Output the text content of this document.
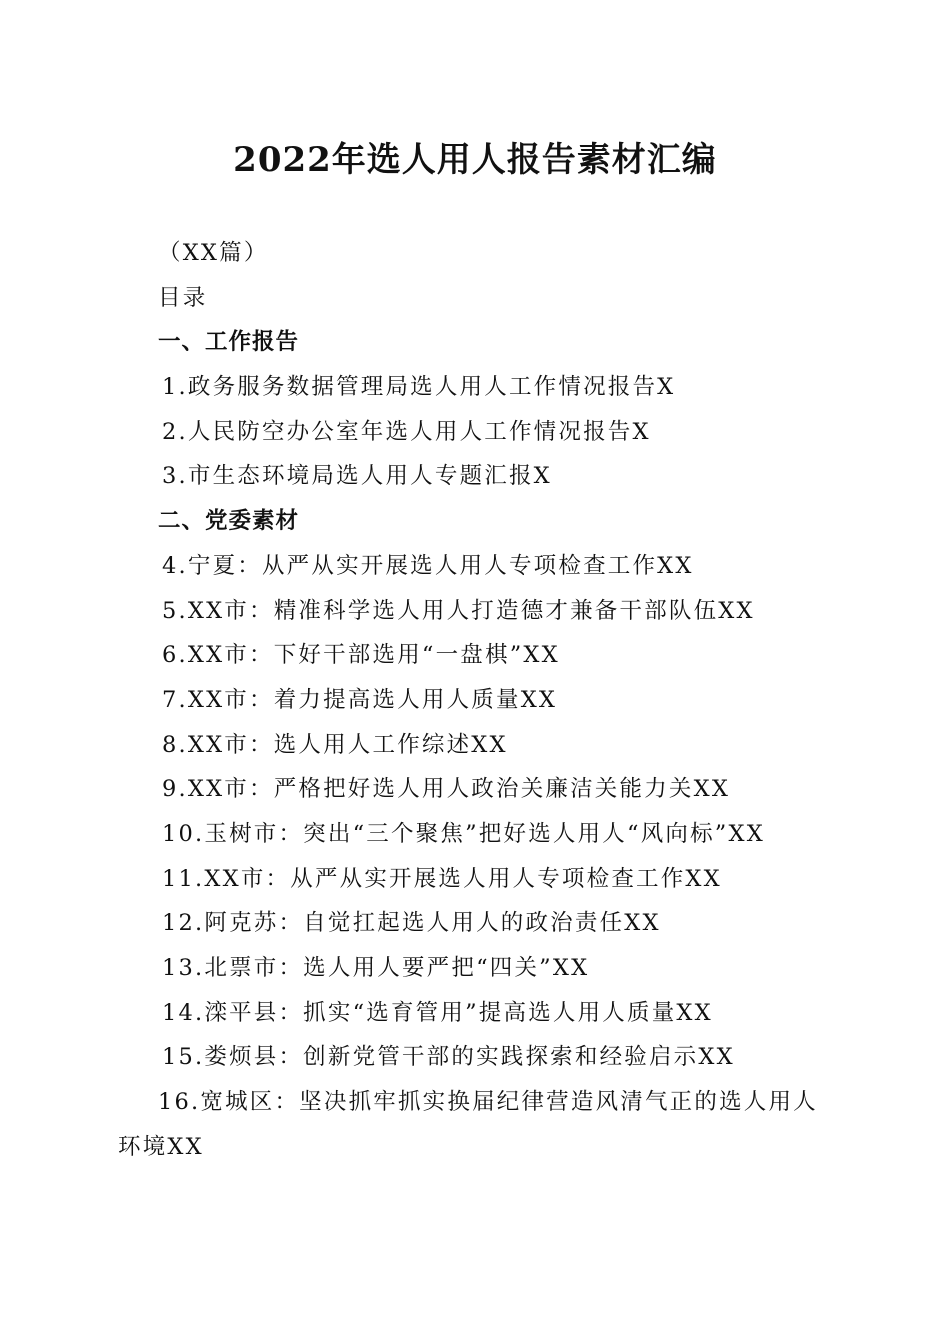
2022年选人用人报告素材汇编
（XX篇）
目录
一、工作报告
1.政务服务数据管理局选人用人工作情况报告X
2.人民防空办公室年选人用人工作情况报告X
3.市生态环境局选人用人专题汇报X
二、党委素材
4.宁夏：从严从实开展选人用人专项检查工作XX
5.XX市：精准科学选人用人打造德才兼备干部队伍XX
6.XX市：下好干部选用“一盘棋”XX
7.XX市：着力提高选人用人质量XX
8.XX市：选人用人工作综述XX
9.XX市：严格把好选人用人政治关廉洁关能力关XX
10.玉树市：突出“三个聚焦”把好选人用人“风向标”XX
11.XX市：从严从实开展选人用人专项检查工作XX
12.阿克苏：自觉扛起选人用人的政治责任XX
13.北票市：选人用人要严把“四关”XX
14.滦平县：抓实“选育管用”提高选人用人质量XX
15.娄烦县：创新党管干部的实践探索和经验启示XX
16.宽城区：坚决抓牢抓实换届纪律营造风清气正的选人用人环境XX
